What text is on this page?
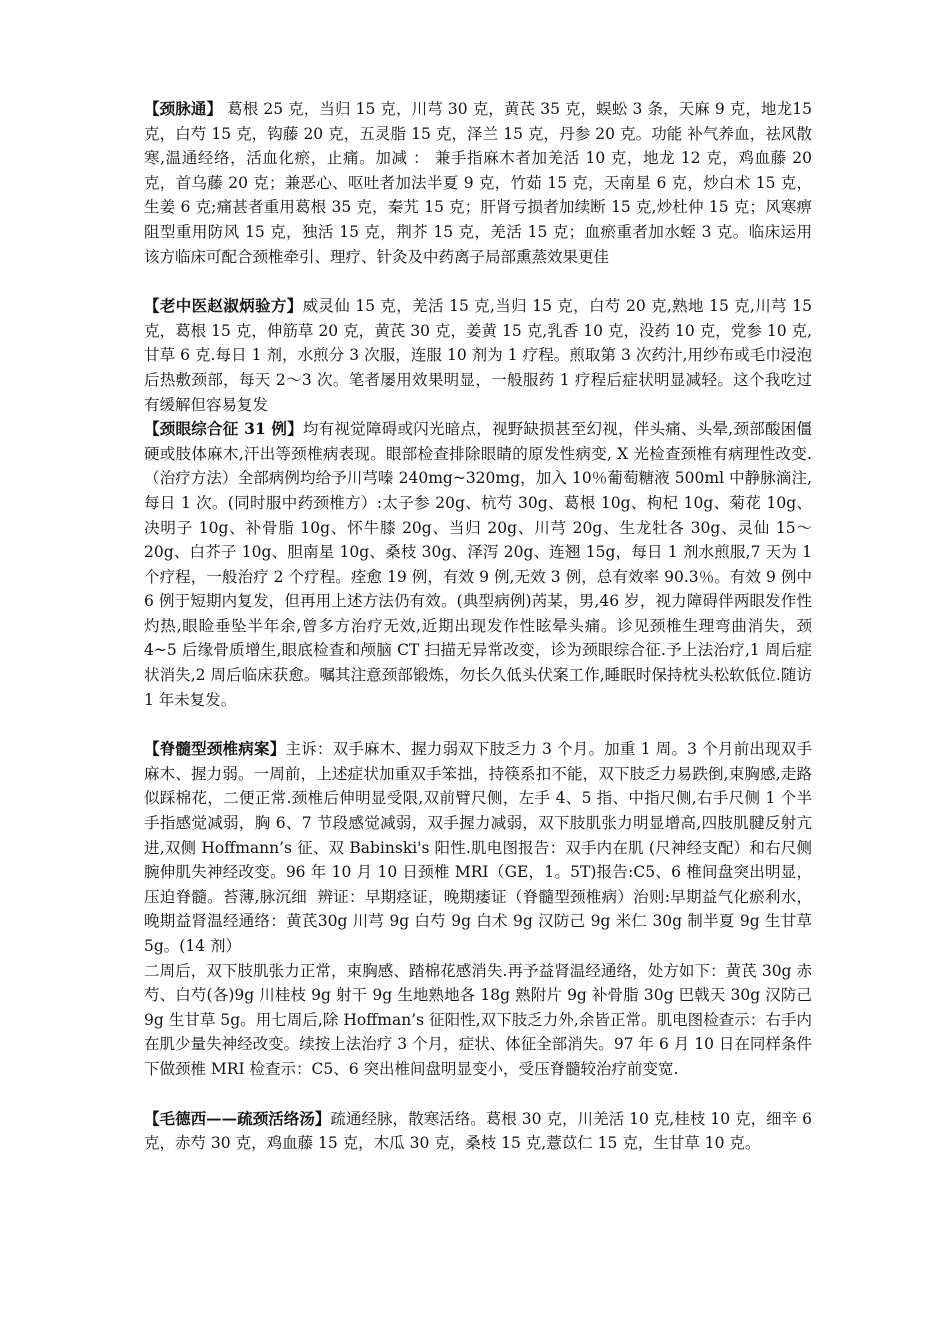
【颈脉通】 葛根 25 克，当归 15 克，川芎 30 克，黄芪 35 克，蜈蚣 3 条，天麻 9 克，地龙15 克，白芍 15 克，钩藤 20 克，五灵脂 15 克，泽兰 15 克，丹参 20 克。功能 补气养血，祛风散寒,温通经络，活血化瘀，止痛。加减 ： 兼手指麻木者加羌活 10 克，地龙 12 克，鸡血藤 20 克，首乌藤 20 克；兼恶心、呕吐者加法半夏 9 克，竹茹 15 克，天南星 6 克，炒白术 15 克，生姜 6 克;痛甚者重用葛根 35 克，秦艽 15 克；肝肾亏损者加续断 15 克,炒杜仲 15 克；风寒痹阻型重用防风 15 克，独活 15 克，荆芥 15 克，羌活 15 克；血瘀重者加水蛭 3 克。临床运用 该方临床可配合颈椎牵引、理疗、针灸及中药离子局部熏蒸效果更佳

【老中医赵淑炳验方】威灵仙 15 克，羌活 15 克,当归 15 克，白芍 20 克,熟地 15 克,川芎 15 克，葛根 15 克，伸筋草 20 克，黄芪 30 克，姜黄 15 克,乳香 10 克，没药 10 克，党参 10 克,甘草 6 克.每日 1 剂，水煎分 3 次服，连服 10 剂为 1 疗程。煎取第 3 次药汁,用纱布或毛巾浸泡后热敷颈部，每天 2～3 次。笔者屡用效果明显，一般服药 1 疗程后症状明显减轻。这个我吃过有缓解但容易复发

【颈眼综合征 31 例】均有视觉障碍或闪光暗点，视野缺损甚至幻视，伴头痛、头晕,颈部酸困僵硬或肢体麻木,汗出等颈椎病表现。眼部检查排除眼睛的原发性病变, X 光检查颈椎有病理性改变.（治疗方法）全部病例均给予川芎嗪 240mg~320mg，加入 10％葡萄糖液 500ml 中静脉滴注,每日 1 次。(同时服中药颈椎方）:太子参 20g、杭芍 30g、葛根 10g、枸杞 10g、菊花 10g、决明子 10g、补骨脂 10g、怀牛膝 20g、当归 20g、川芎 20g、生龙牡各 30g、灵仙 15～20g、白芥子 10g、胆南星 10g、桑枝 30g、泽泻 20g、连翘 15g，每日 1 剂水煎服,7 天为 1 个疗程，一般治疗 2 个疗程。痊愈 19 例，有效 9 例,无效 3 例，总有效率 90.3％。有效 9 例中 6 例于短期内复发，但再用上述方法仍有效。(典型病例)芮某，男,46 岁，视力障碍伴两眼发作性灼热,眼睑垂坠半年余,曾多方治疗无效,近期出现发作性眩晕头痛。诊见颈椎生理弯曲消失，颈 4~5 后缘骨质增生,眼底检查和颅脑 CT 扫描无异常改变，诊为颈眼综合征.予上法治疗,1 周后症状消失,2 周后临床获愈。嘱其注意颈部锻炼，勿长久低头伏案工作,睡眠时保持枕头松软低位.随访 1 年未复发。

【脊髓型颈椎病案】主诉：双手麻木、握力弱双下肢乏力 3 个月。加重 1 周。3 个月前出现双手麻木、握力弱。一周前，上述症状加重双手笨拙，持筷系扣不能，双下肢乏力易跌倒,束胸感,走路似踩棉花，二便正常.颈椎后伸明显受限,双前臂尺侧，左手 4、5 指、中指尺侧,右手尺侧 1 个半手指感觉减弱，胸 6、7 节段感觉减弱，双手握力减弱，双下肢肌张力明显增高,四肢肌腱反射亢进,双侧 Hoffmann’s 征、双 Babinski's 阳性.肌电图报告：双手内在肌 (尺神经支配）和右尺侧腕伸肌失神经改变。96 年 10 月 10 日颈椎 MRI（GE，1。5T)报告:C5、6 椎间盘突出明显，压迫脊髓。苔薄,脉沉细  辨证：早期痉证，晚期痿证（脊髓型颈椎病）治则:早期益气化瘀利水，晚期益肾温经通络：黄芪30g 川芎 9g 白芍 9g 白术 9g 汉防己 9g 米仁 30g 制半夏 9g 生甘草 5g。(14 剂）

二周后，双下肢肌张力正常，束胸感、踏棉花感消失.再予益肾温经通络，处方如下：黄芪 30g 赤芍、白芍(各)9g 川桂枝 9g 射干 9g 生地熟地各 18g 熟附片 9g 补骨脂 30g 巴戟天 30g 汉防己 9g 生甘草 5g。用七周后,除 Hoffman’s 征阳性,双下肢乏力外,余皆正常。肌电图检查示：右手内在肌少量失神经改变。续按上法治疗 3 个月，症状、体征全部消失。97 年 6 月 10 日在同样条件下做颈椎 MRI 检查示：C5、6 突出椎间盘明显变小，受压脊髓较治疗前变宽.

【毛德西——疏颈活络汤】疏通经脉，散寒活络。葛根 30 克，川羌活 10 克,桂枝 10 克，细辛 6 克，赤芍 30 克，鸡血藤 15 克，木瓜 30 克，桑枝 15 克,薏苡仁 15 克，生甘草 10 克。
